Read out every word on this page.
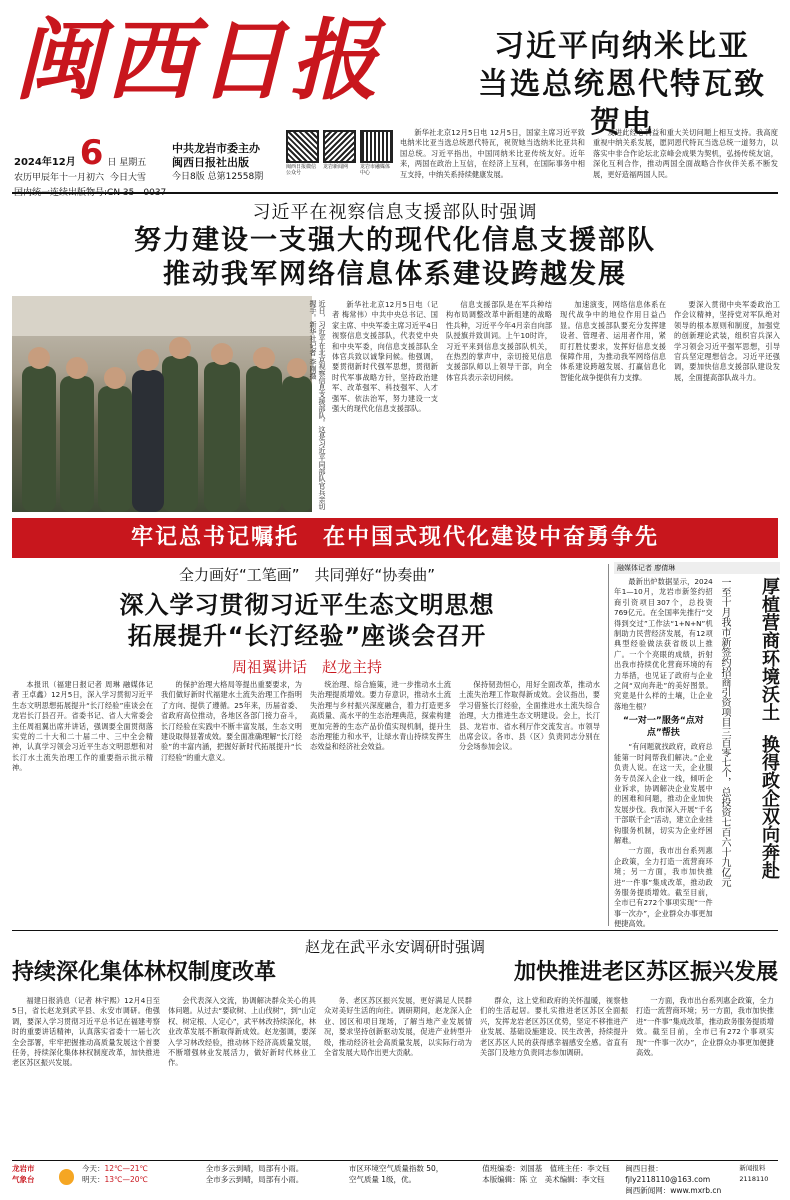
闽西日报	习近平向纳米比亚
当选总统恩代特瓦致贺电
2024年12月 6 日 星期五
农历甲辰年十一月初六 今日大雪
中共龙岩市委主办
闽西日报社出版
今日8版 总第12558期
闽西日报微信公众号
龙岩新闻网	龙岩市融媒体中心

新华社北京12月5日电 12月5日，国家主席习近平致电纳米比亚当选总统恩代特瓦，祝贺她当选纳米比亚共和国总统。习近平指出，中国同纳米比亚传统友好。近年来，两国在政治上互信，在经济上互利，在国际事务中相互支持，中纳关系持续健康发展。

及进此经心利益和重大关切问题上相互支持。我高度重视中纳关系发展，愿同恩代特瓦当选总统一道努力，以落实中非合作论坛北京峰会成果为契机，弘扬传统友谊，深化互利合作，推动两国全面战略合作伙伴关系不断发展，更好造福两国人民。

习近平在视察信息支援部队时强调
努力建设一支强大的现代化信息支援部队
推动我军网络信息体系建设跨越发展
近日，习近平在北京视察信息支援部队。这是习近平同部队官兵亲切握手。新华社记者 李刚摄	新华社北京12月5日电（记者 梅常伟）中共中央总书记、国家主席、中央军委主席习近平4日视察信息支援部队，代表党中央和中央军委，向信息支援部队全体官兵致以诚挚问候。他强调，要贯彻新时代强军思想，贯彻新时代军事战略方针，坚持政治建军、改革强军、科技强军、人才强军、依法治军，努力建设一支强大的现代化信息支援部队。

信息支援部队是在军兵种结构布局调整改革中新组建的战略性兵种，习近平今年4月亲自向部队授旗并致训词。上午10时许，习近平来到信息支援部队机关，在热烈的掌声中，亲切接见信息支援部队师以上领导干部，向全体官兵表示亲切问候。

加速演变，网络信息体系在现代战争中的地位作用日益凸显。信息支援部队要充分发挥建设者、管理者、运用者作用，紧盯打胜仗要求，发挥好信息支援保障作用，为推动我军网络信息体系建设跨越发展、打赢信息化智能化战争提供有力支撑。

要深入贯彻中央军委政治工作会议精神，坚持党对军队绝对领导的根本原则和制度，加强党的创新理论武装，组织官兵深入学习领会习近平强军思想，引导官兵坚定理想信念。习近平还强调，要加快信息支援部队建设发展，全面提高部队战斗力。

牢记总书记嘱托　在中国式现代化建设中奋勇争先
全力画好“工笔画”　共同弹好“协奏曲”
深入学习贯彻习近平生态文明思想
拓展提升“长汀经验”座谈会召开
周祖翼讲话　赵龙主持

本报讯（福建日报记者 周琳 融媒体记者 王卓鑫）12月5日，深入学习贯彻习近平生态文明思想拓展提升“长汀经验”座谈会在龙岩长汀县召开。省委书记、省人大常委会主任周祖翼出席并讲话，强调要全面贯彻落实党的二十大和二十届二中、三中全会精神，认真学习领会习近平生态文明思想和对长汀水土流失治理工作的重要指示批示精神。

的保护治理大格局等提出重要要求，为我们做好新时代福建水土流失治理工作指明了方向、提供了遵循。25年来，历届省委、省政府高位推动，各地区各部门接力奋斗，长汀经验在实践中不断丰富发展，生态文明建设取得显著成效。要全面准确理解“长汀经验”的丰富内涵，把握好新时代拓展提升“长汀经验”的重大意义。

统治理、综合施策，进一步推动水土流失治理提质增效。要力存意识，推动水土流失治理与乡村振兴深度融合，着力打造更多高质量、高水平的生态治理典范，探索构建更加完善的生态产品价值实现机制，提升生态治理能力和水平，让绿水青山持续发挥生态效益和经济社会效益。

保持韧劲恒心，用好全面改革，推动水土流失治理工作取得新成效。会议指出，要学习借鉴长汀经验，全面推进水土流失综合治理，大力推进生态文明建设。会上，长汀县、龙岩市、省水利厅作交流发言。市领导出席会议。各市、县（区）负责同志分别在分会场参加会议。

融媒体记者 廖倩琳

最新出炉数据显示，2024年1—10月，龙岩市新签约招商引资项目307个，总投资769亿元。在全国率先推行“交得到交过”工作法“1+N+N”机制助力民营经济发展，有12项典型经验做法获省级以上推广。一个个亮眼的成绩，折射出我市持续优化营商环境的有力举措，也见证了政府与企业之间“双向奔赴”的美好图景。究竟是什么样的土壤，让企业落地生根？

“一对一”服务“点对点”帮扶

“有问题就找政府，政府总能第一时间帮我们解决。”企业负责人说。在这一天，企业服务专员深入企业一线，倾听企业诉求，协调解决企业发展中的困难和问题，推动企业加快发展步伐。我市深入开展“千名干部联千企”活动，建立企业挂钩服务机制，切实为企业纾困解难。

一方面，我市出台系列惠企政策，全力打造一流营商环境；另一方面，我市加快推进“一件事”集成改革，推动政务服务提质增效。截至目前，全市已有272个事项实现“一件事一次办”，企业群众办事更加便捷高效。

一至十月我市新签约招商引资项目三百零七个，总投资七百六十九亿元	厚植营商环境沃土
换得政企双向奔赴
赵龙在武平永安调研时强调
持续深化集体林权制度改革	加快推进老区苏区振兴发展

福建日报消息（记者 林宇熙）12月4日至5日，省长赵龙到武平县、永安市调研。他强调，要深入学习贯彻习近平总书记在福建考察时的重要讲话精神，认真落实省委十一届七次全会部署，牢牢把握推动高质量发展这个首要任务，持续深化集体林权制度改革，加快推进老区苏区振兴发展。

会代表深入交流，协调解决群众关心的具体问题。从过去“要砍树、上山伐树”，到“山定权、树定根、人定心”，武平林改持续深化，林业改革发展不断取得新成效。赵龙强调，要深入学习林改经验，推动林下经济高质量发展，不断增强林业发展活力，做好新时代林业工作。

务、老区苏区振兴发展，更好满足人民群众对美好生活的向往。调研期间，赵龙深入企业、园区和项目现场，了解当地产业发展情况，要求坚持创新驱动发展，促进产业转型升级，推动经济社会高质量发展，以实际行动为全省发展大局作出更大贡献。

群众，这上党和政府的关怀温暖，视察他们的生活起居。要扎实推进老区苏区全面振兴，发挥龙岩老区苏区优势，坚定不移推进产业发展、基础设施建设、民生改善，持续提升老区苏区人民的获得感幸福感安全感。省直有关部门及地方负责同志参加调研。

一方面，我市出台系列惠企政策，全力打造一流营商环境；另一方面，我市加快推进“一件事”集成改革，推动政务服务提质增效。截至目前，全市已有272个事项实现“一件事一次办”，企业群众办事更加便捷高效。

龙岩市
气象台
今天：12℃—21℃
明天：13℃—20℃
全市多云到晴，局部有小雨。
全市多云到晴，局部有小雨。
市区环境空气质量指数 50，
空气质量 1级，优。
值班编委：刘国基　值班主任：李文钰
本版编辑：陈 立　美术编辑：李文钰
闽西日报：fjly2118110@163.com
闽西新闻网：www.mxrb.cn
新闻报料 2118110
